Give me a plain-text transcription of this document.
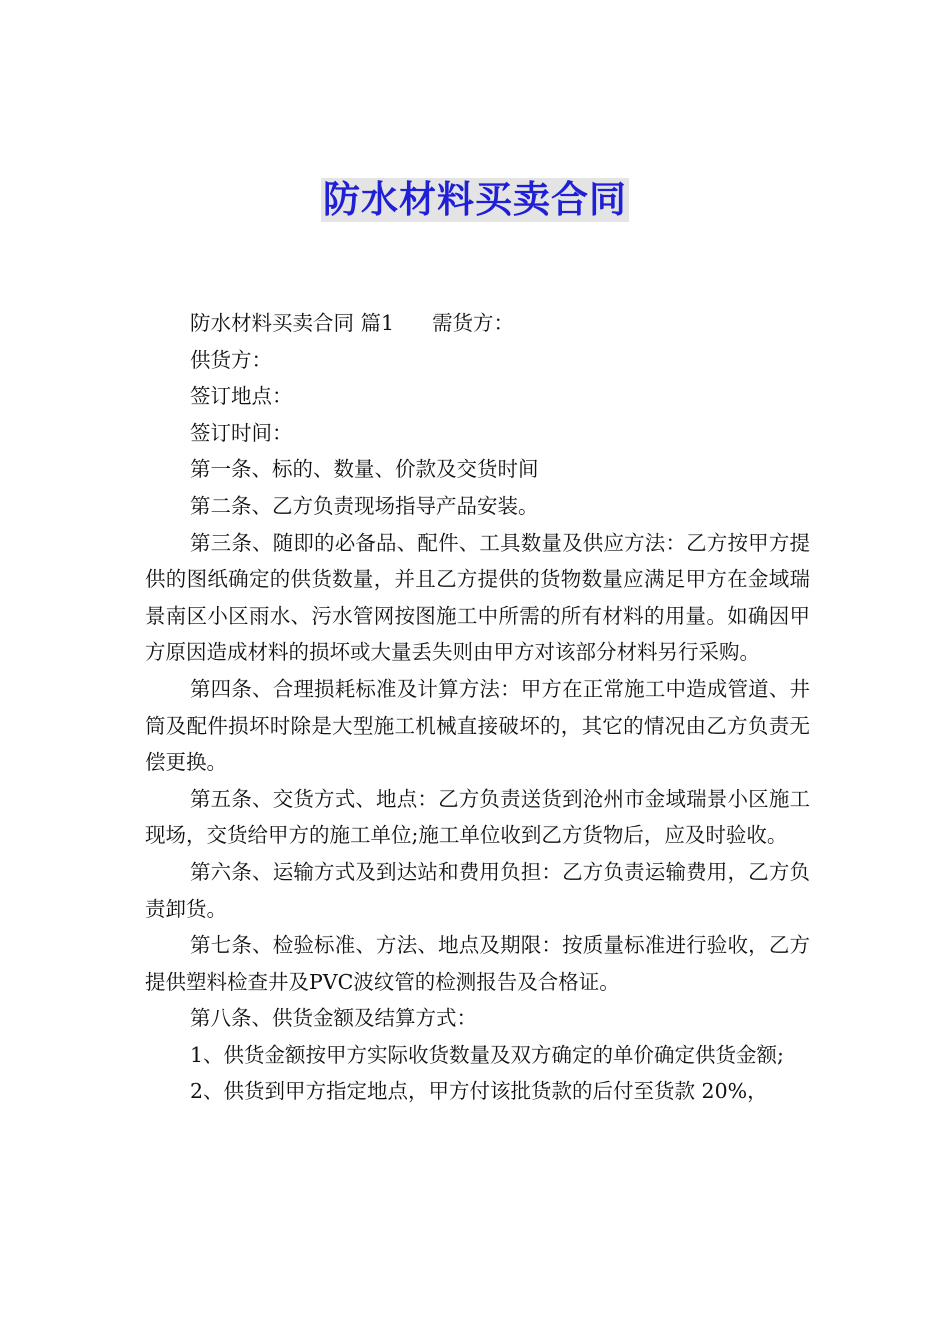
防水材料买卖合同

防水材料买卖合同 篇1 需货方：

供货方：

签订地点：

签订时间：

第一条、标的、数量、价款及交货时间

第二条、乙方负责现场指导产品安装。

第三条、随即的必备品、配件、工具数量及供应方法：乙方按甲方提供的图纸确定的供货数量，并且乙方提供的货物数量应满足甲方在金域瑞景南区小区雨水、污水管网按图施工中所需的所有材料的用量。如确因甲方原因造成材料的损坏或大量丢失则由甲方对该部分材料另行采购。

第四条、合理损耗标准及计算方法：甲方在正常施工中造成管道、井筒及配件损坏时除是大型施工机械直接破坏的，其它的情况由乙方负责无偿更换。

第五条、交货方式、地点：乙方负责送货到沧州市金域瑞景小区施工现场，交货给甲方的施工单位;施工单位收到乙方货物后，应及时验收。

第六条、运输方式及到达站和费用负担：乙方负责运输费用，乙方负责卸货。

第七条、检验标准、方法、地点及期限：按质量标准进行验收，乙方提供塑料检查井及PVC波纹管的检测报告及合格证。

第八条、供货金额及结算方式：

1、供货金额按甲方实际收货数量及双方确定的单价确定供货金额;

2、供货到甲方指定地点，甲方付该批货款的后付至货款 20%，
